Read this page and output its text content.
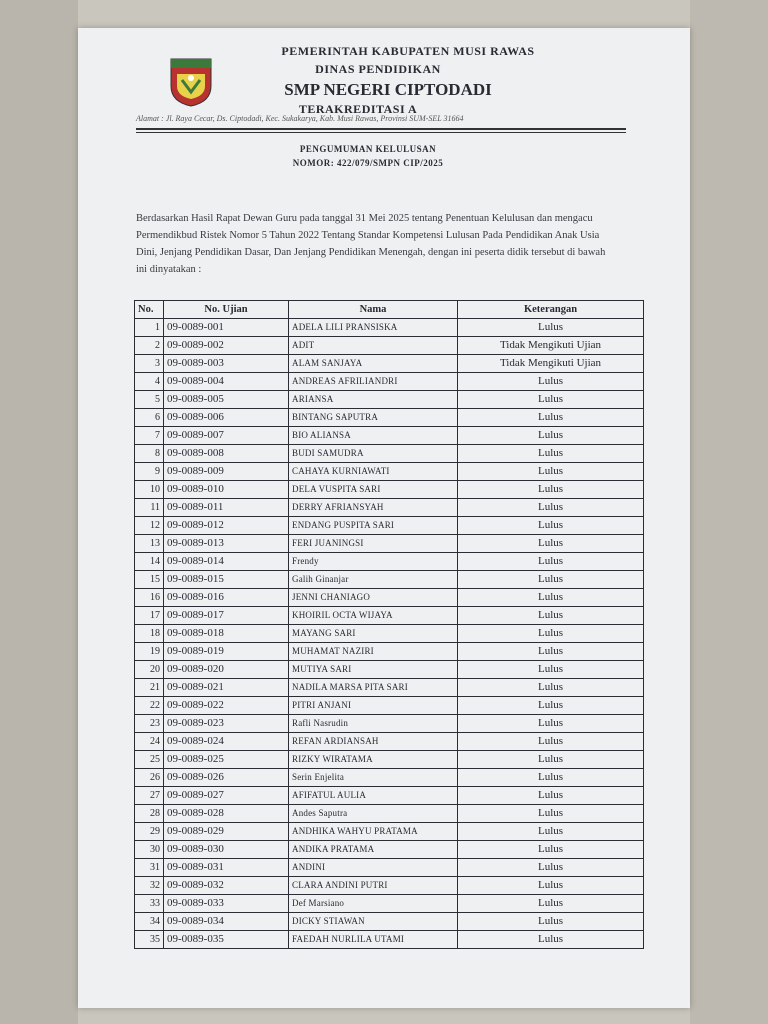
PEMERINTAH KABUPATEN MUSI RAWAS
DINAS PENDIDIKAN
SMP NEGERI CIPTODADI
TERAKREDITASI A
Alamat : Jl. Raya Cecar, Ds. Ciptodadi, Kec. Sukakarya, Kab. Musi Rawas, Provinsi SUM-SEL 31664
PENGUMUMAN KELULUSAN
NOMOR: 422/079/SMPN CIP/2025
Berdasarkan Hasil Rapat Dewan Guru pada tanggal 31 Mei 2025 tentang Penentuan Kelulusan dan mengacu Permendikbud Ristek Nomor 5 Tahun 2022 Tentang Standar Kompetensi Lulusan Pada Pendidikan Anak Usia Dini, Jenjang Pendidikan Dasar, Dan Jenjang Pendidikan Menengah, dengan ini peserta didik tersebut di bawah ini dinyatakan :
No.	No. Ujian	Nama	Keterangan
1	09-0089-001	ADELA LILI PRANSISKA	Lulus
2	09-0089-002	ADIT	Tidak Mengikuti Ujian
3	09-0089-003	ALAM SANJAYA	Tidak Mengikuti Ujian
4	09-0089-004	ANDREAS AFRILIANDRI	Lulus
5	09-0089-005	ARIANSA	Lulus
6	09-0089-006	BINTANG SAPUTRA	Lulus
7	09-0089-007	BIO ALIANSA	Lulus
8	09-0089-008	BUDI SAMUDRA	Lulus
9	09-0089-009	CAHAYA KURNIAWATI	Lulus
10	09-0089-010	DELA VUSPITA SARI	Lulus
11	09-0089-011	DERRY AFRIANSYAH	Lulus
12	09-0089-012	ENDANG PUSPITA SARI	Lulus
13	09-0089-013	FERI JUANINGSI	Lulus
14	09-0089-014	Frendy	Lulus
15	09-0089-015	Galih Ginanjar	Lulus
16	09-0089-016	JENNI CHANIAGO	Lulus
17	09-0089-017	KHOIRIL OCTA WIJAYA	Lulus
18	09-0089-018	MAYANG SARI	Lulus
19	09-0089-019	MUHAMAT NAZIRI	Lulus
20	09-0089-020	MUTIYA SARI	Lulus
21	09-0089-021	NADILA MARSA PITA SARI	Lulus
22	09-0089-022	PITRI ANJANI	Lulus
23	09-0089-023	Rafli Nasrudin	Lulus
24	09-0089-024	REFAN ARDIANSAH	Lulus
25	09-0089-025	RIZKY WIRATAMA	Lulus
26	09-0089-026	Serin Enjelita	Lulus
27	09-0089-027	AFIFATUL AULIA	Lulus
28	09-0089-028	Andes Saputra	Lulus
29	09-0089-029	ANDHIKA WAHYU PRATAMA	Lulus
30	09-0089-030	ANDIKA PRATAMA	Lulus
31	09-0089-031	ANDINI	Lulus
32	09-0089-032	CLARA ANDINI PUTRI	Lulus
33	09-0089-033	Def Marsiano	Lulus
34	09-0089-034	DICKY STIAWAN	Lulus
35	09-0089-035	FAEDAH NURLILA UTAMI	Lulus
